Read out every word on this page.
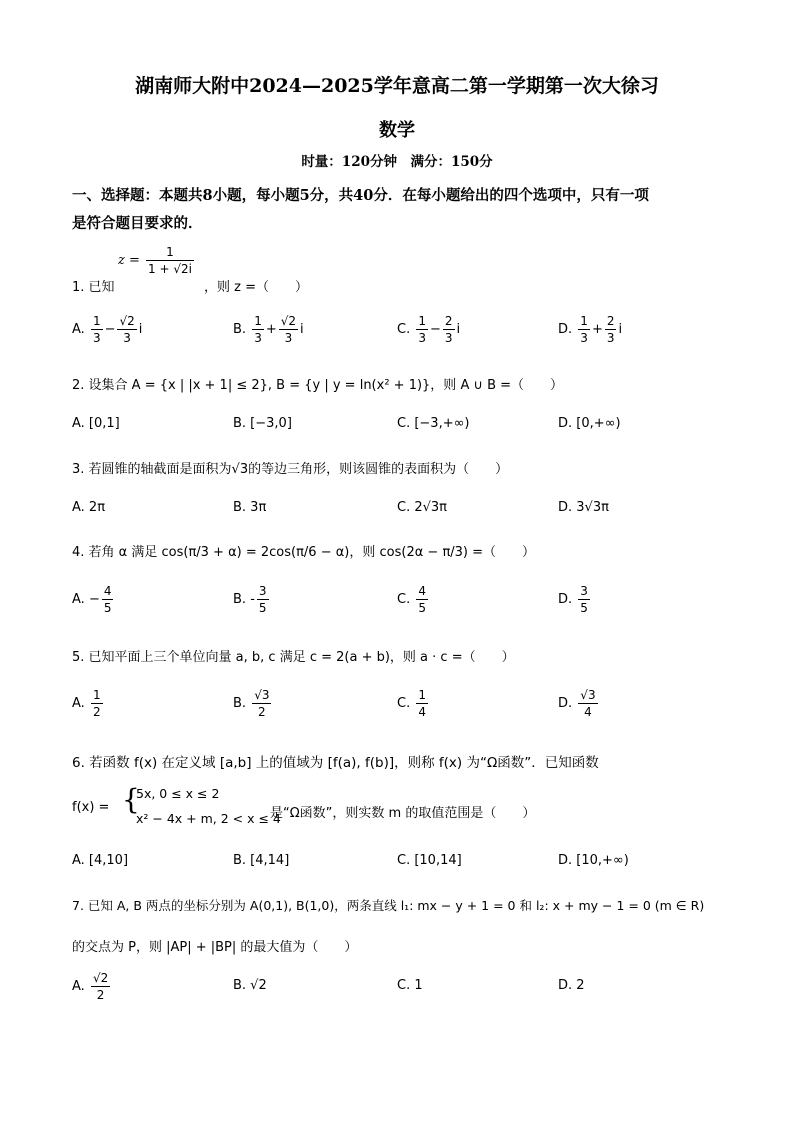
湖南师大附中2024—2025学年意高二第一学期第一次大徐习
数学
时量：120分钟　满分：150分
一、选择题：本题共8小题，每小题5分，共40分．在每小题给出的四个选项中，只有一项
是符合题目要求的．
$z = \frac{1}{1 + √2i}$
1. 已知	，则 z =（　　）
A. $\frac{1}{3} - \frac{√2}{3}$ i	B. $\frac{1}{3} + \frac{√2}{3}$ i	C. $\frac{1}{3} - \frac{2}{3}$ i	D. $\frac{1}{3} + \frac{2}{3}$ i
2. 设集合 A = {x | |x + 1| ≤ 2}, B = {y | y = ln(x² + 1)}，则 A ∪ B =（　　）
A. [0,1]	B. [−3,0]	C. [−3,+∞)	D. [0,+∞)
3. 若圆锥的轴截面是面积为√3的等边三角形，则该圆锥的表面积为（　　）
A. 2π	B. 3π	C. 2√3π	D. 3√3π
4. 若角 α 满足 cos(π/3 + α) = 2cos(π/6 − α)，则 cos(2α − π/3) =（　　）
A. − $\frac{4}{5}$	B. - $\frac{3}{5}$	C. $\frac{4}{5}$	D. $\frac{3}{5}$
5. 已知平面上三个单位向量 a, b, c 满足 c = 2(a + b)，则 a · c =（　　）
A. $\frac{1}{2}$	B. $\frac{√3}{2}$	C. $\frac{1}{4}$	D. $\frac{√3}{4}$
6. 若函数 f(x) 在定义域 [a,b] 上的值域为 [f(a), f(b)]，则称 f(x) 为“Ω函数”．已知函数
f(x) = {
5x, 0 ≤ x ≤ 2
x² − 4x + m, 2 < x ≤ 4
是“Ω函数”，则实数 m 的取值范围是（　　）
A. [4,10]	B. [4,14]	C. [10,14]	D. [10,+∞)
7. 已知 A, B 两点的坐标分别为 A(0,1), B(1,0)，两条直线 l₁: mx − y + 1 = 0 和 l₂: x + my − 1 = 0 (m ∈ R)
的交点为 P，则 |AP| + |BP| 的最大值为（　　）
A. $\frac{√2}{2}$	B. √2	C. 1	D. 2
